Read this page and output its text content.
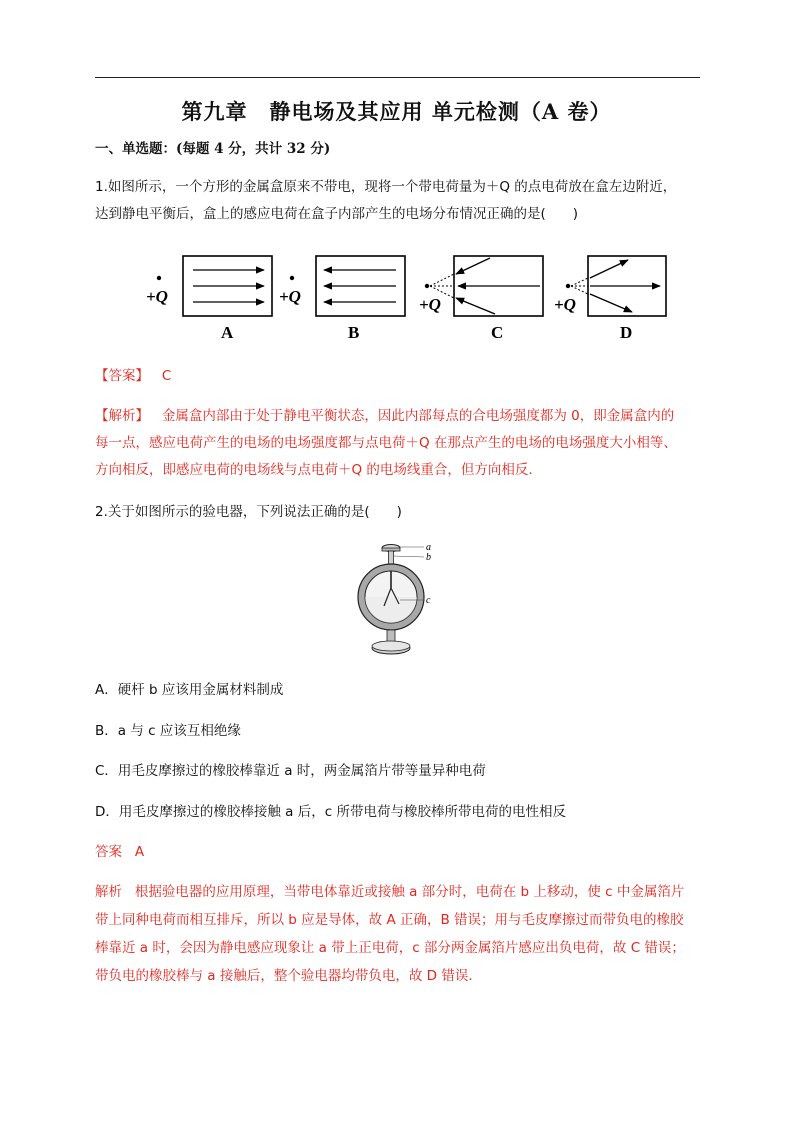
第九章　静电场及其应用 单元检测（A 卷）
一、单选题：(每题 4 分，共计 32 分)
1.如图所示，一个方形的金属盒原来不带电，现将一个带电荷量为＋Q 的点电荷放在盒左边附近，
达到静电平衡后，盒上的感应电荷在盒子内部产生的电场分布情况正确的是(　　)
+Q
A
+Q
B
+Q
C
+Q
D
【答案】 C
【解析】 金属盒内部由于处于静电平衡状态，因此内部每点的合电场强度都为 0，即金属盒内的
每一点，感应电荷产生的电场的电场强度都与点电荷＋Q 在那点产生的电场的电场强度大小相等、
方向相反，即感应电荷的电场线与点电荷＋Q 的电场线重合，但方向相反.
2.关于如图所示的验电器，下列说法正确的是(　　)
a
b
c
A．硬杆 b 应该用金属材料制成
B．a 与 c 应该互相绝缘
C．用毛皮摩擦过的橡胶棒靠近 a 时，两金属箔片带等量异种电荷
D．用毛皮摩擦过的橡胶棒接触 a 后，c 所带电荷与橡胶棒所带电荷的电性相反
答案 A
解析 根据验电器的应用原理，当带电体靠近或接触 a 部分时，电荷在 b 上移动，使 c 中金属箔片
带上同种电荷而相互排斥，所以 b 应是导体，故 A 正确，B 错误；用与毛皮摩擦过而带负电的橡胶
棒靠近 a 时，会因为静电感应现象让 a 带上正电荷，c 部分两金属箔片感应出负电荷，故 C 错误；
带负电的橡胶棒与 a 接触后，整个验电器均带负电，故 D 错误．
